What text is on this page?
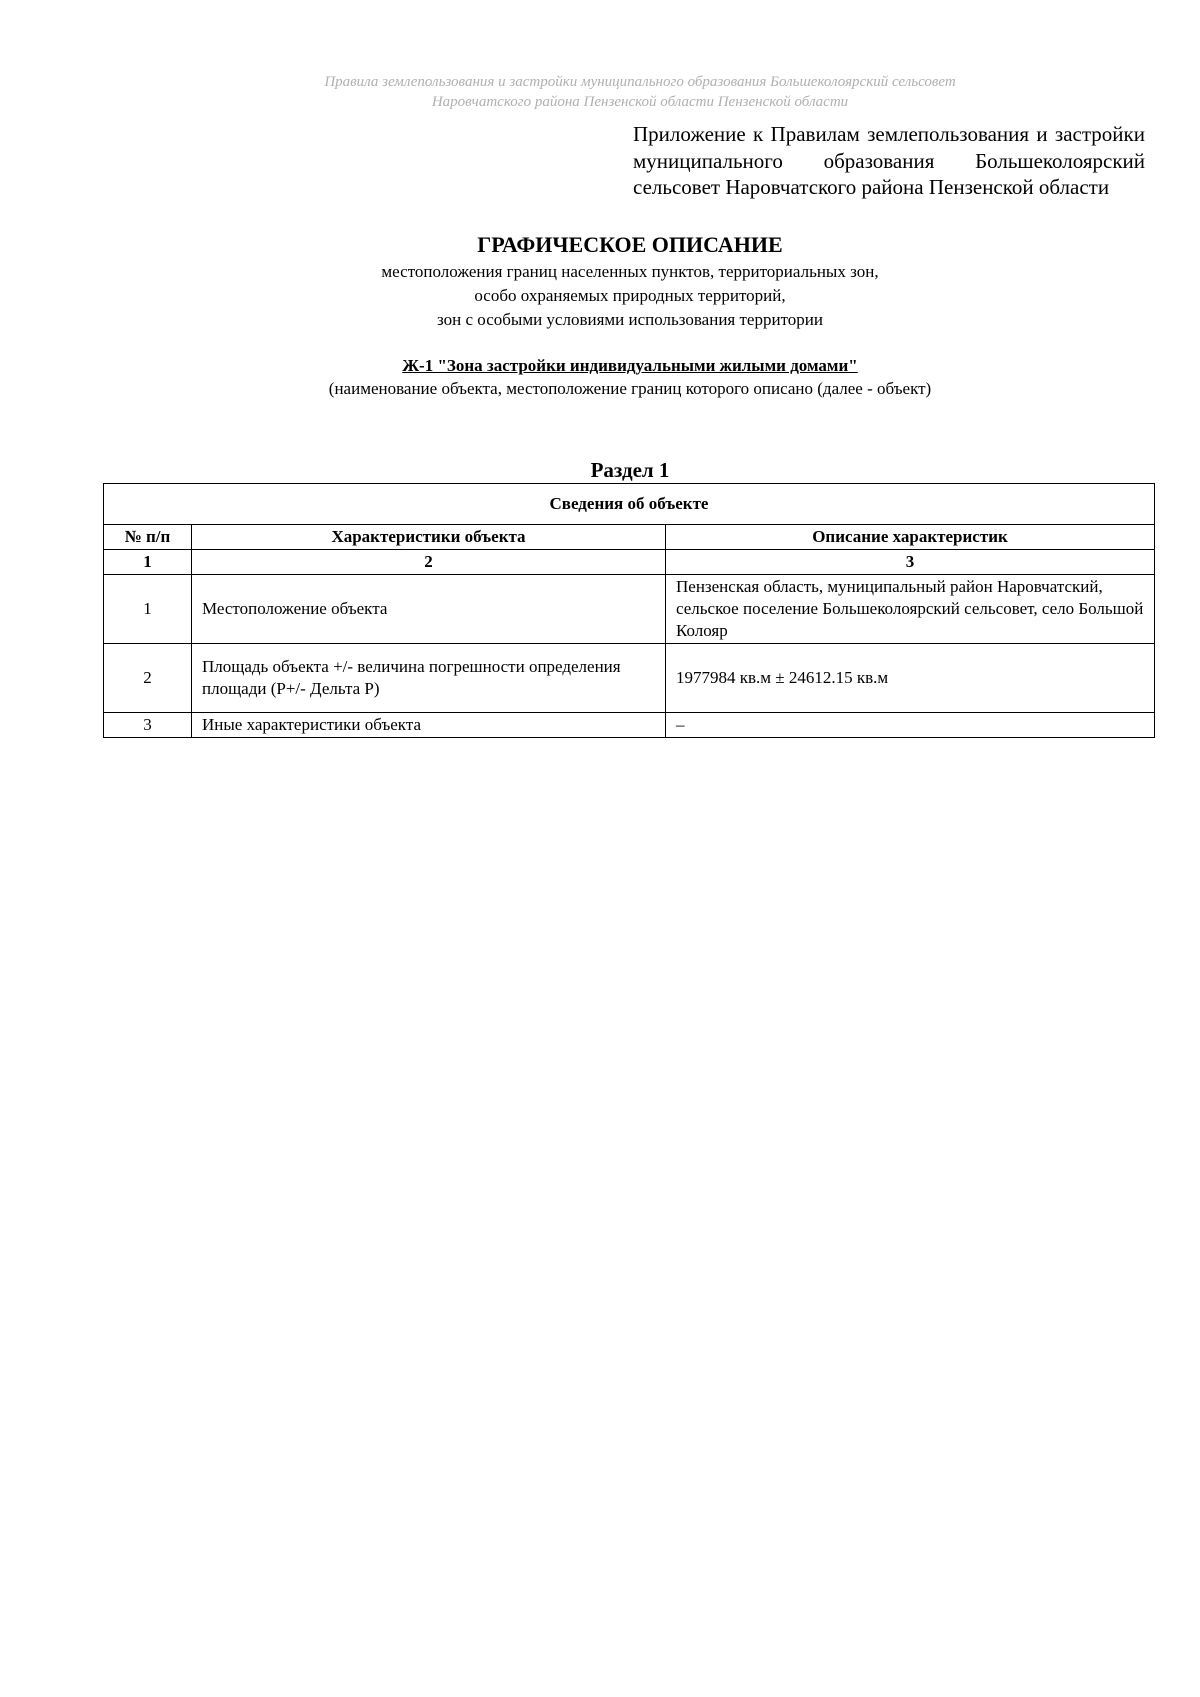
Правила землепользования и застройки муниципального образования Большеколоярский сельсовет
Наровчатского района Пензенской области Пензенской области
Приложение к Правилам землепользования и застройки муниципального образования Большеколоярский сельсовет Наровчатского района Пензенской области
ГРАФИЧЕСКОЕ ОПИСАНИЕ
местоположения границ населенных пунктов, территориальных зон,
особо охраняемых природных территорий,
зон с особыми условиями использования территории
Ж-1 "Зона застройки индивидуальными жилыми домами"
(наименование объекта, местоположение границ которого описано (далее - объект)
Раздел 1
Сведения об объекте		
№ п/п	Характеристики объекта	Описание характеристик
1	2	3
1	Местоположение объекта	Пензенская область, муниципальный район Наровчатский, сельское поселение Большеколоярский сельсовет, село Большой Колояр
2	Площадь объекта +/- величина погрешности определения площади (Р+/- Дельта Р)	1977984 кв.м ± 24612.15 кв.м
3	Иные характеристики объекта	–
